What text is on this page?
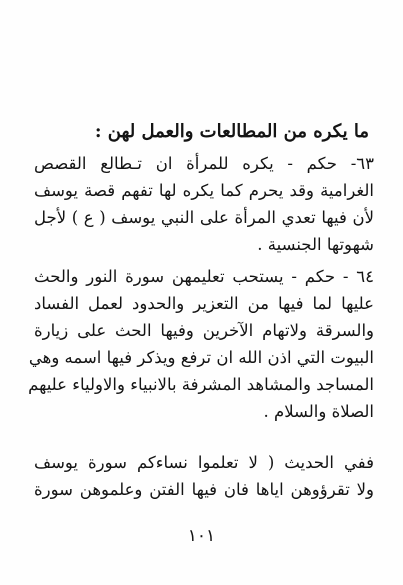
ما يكره من المطالعات والعمل لهن :
٦٣- حكم - يكره للمرأة ان تـطالع القصص
الغرامية وقد يحرم كما يكره لها تفهم قصة يوسف
لأن فيها تعدي المرأة على النبي يوسف ( ع ) لأجل
شهوتها الجنسية .
٦٤ - حكم - يستحب تعليمهن سورة النور والحث
عليها لما فيها من التعزير والحدود لعمل الفساد
والسرقة ولاتهام الآخرين وفيها الحث على زيارة
البيوت التي اذن الله ان ترفع ويذكر فيها اسمه وهي
المساجد والمشاهد المشرفة بالانبياء والاولياء عليهم
الصلاة والسلام .
ففي الحديث ( لا تعلموا نساءكم سورة يوسف
ولا تقرؤوهن اياها فان فيها الفتن وعلموهن سورة
١٠١
